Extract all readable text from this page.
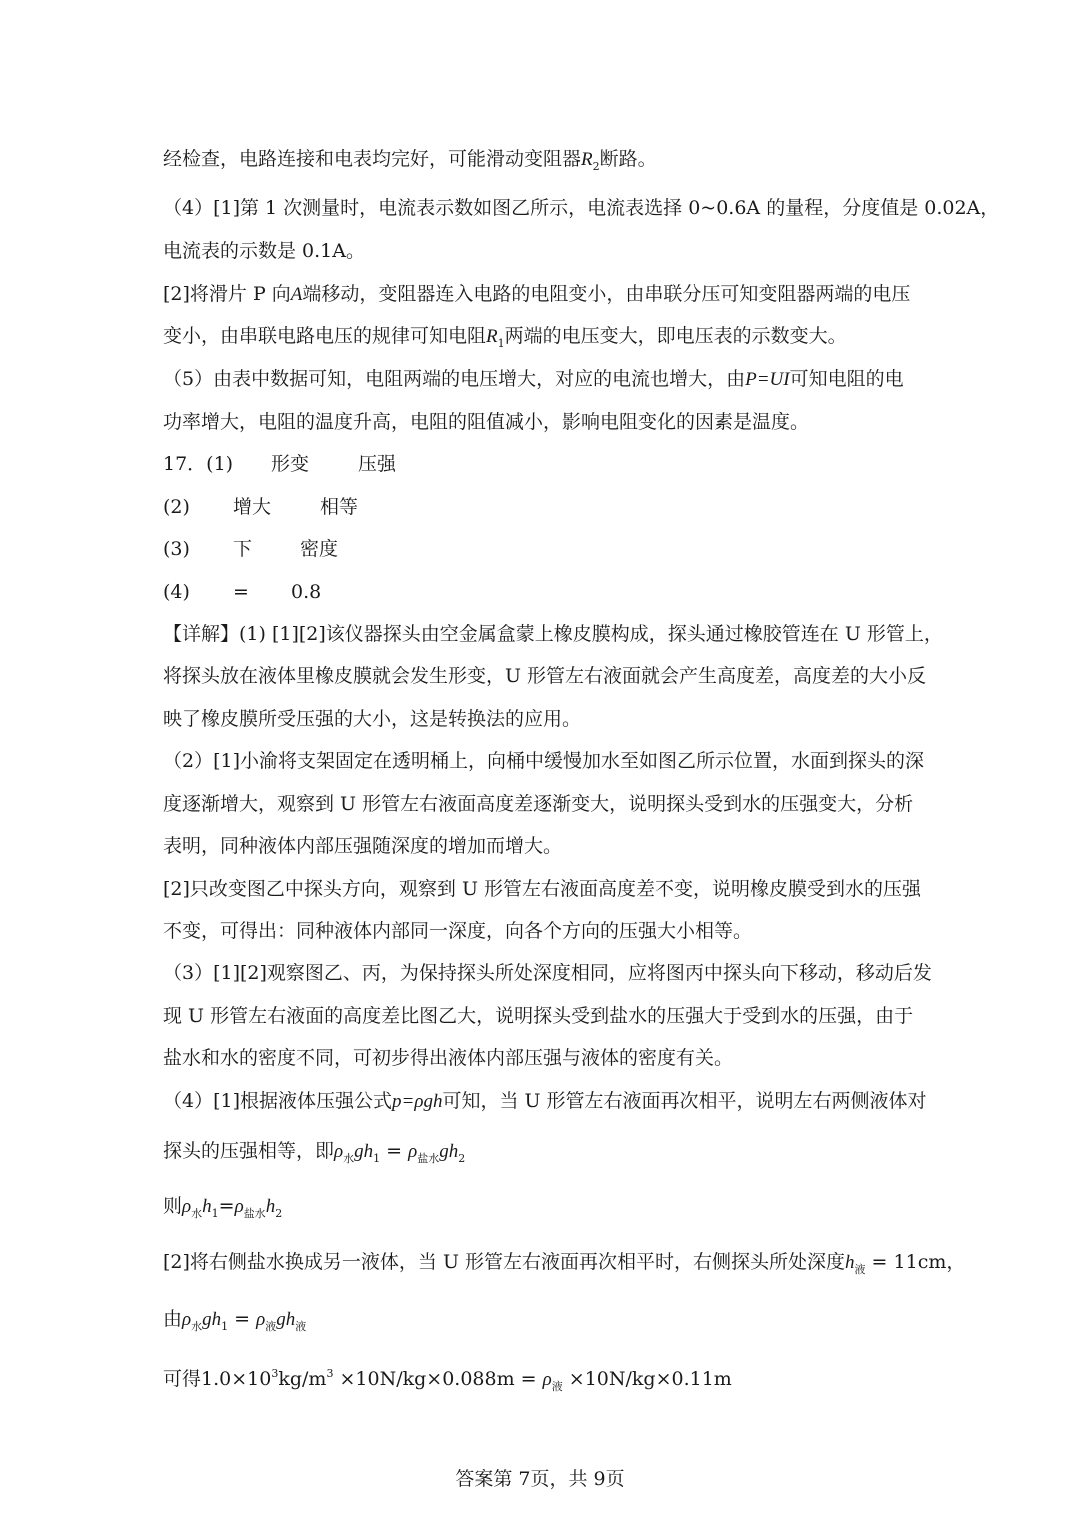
经检查，电路连接和电表均完好，可能滑动变阻器$R_2$断路。
（4）[1]第 1 次测量时，电流表示数如图乙所示，电流表选择 0~0.6A 的量程，分度值是 0.02A，
电流表的示数是 0.1A。
[2]将滑片 P 向A端移动，变阻器连入电路的电阻变小，由串联分压可知变阻器两端的电压
变小，由串联电路电压的规律可知电阻$R_1$两端的电压变大，即电压表的示数变大。
（5）由表中数据可知，电阻两端的电压增大，对应的电流也增大，由P=UI可知电阻的电
功率增大，电阻的温度升高，电阻的阻值减小，影响电阻变化的因素是温度。
17．(1) 形变	压强
(2) 增大	相等
(3) 下	密度
(4) = 0.8
【详解】(1) [1][2]该仪器探头由空金属盒蒙上橡皮膜构成，探头通过橡胶管连在 U 形管上，
将探头放在液体里橡皮膜就会发生形变，U 形管左右液面就会产生高度差，高度差的大小反
映了橡皮膜所受压强的大小，这是转换法的应用。
（2）[1]小渝将支架固定在透明桶上，向桶中缓慢加水至如图乙所示位置，水面到探头的深
度逐渐增大，观察到 U 形管左右液面高度差逐渐变大，说明探头受到水的压强变大，分析
表明，同种液体内部压强随深度的增加而增大。
[2]只改变图乙中探头方向，观察到 U 形管左右液面高度差不变，说明橡皮膜受到水的压强
不变，可得出：同种液体内部同一深度，向各个方向的压强大小相等。
（3）[1][2]观察图乙、丙，为保持探头所处深度相同，应将图丙中探头向下移动，移动后发
现 U 形管左右液面的高度差比图乙大，说明探头受到盐水的压强大于受到水的压强，由于
盐水和水的密度不同，可初步得出液体内部压强与液体的密度有关。
（4）[1]根据液体压强公式p=ρgh可知，当 U 形管左右液面再次相平，说明左右两侧液体对
探头的压强相等，即$\rho_水gh_1 = \rho_{盐水}gh_2$
则$\rho_水h_1=\rho_{盐水}h_2$
[2]将右侧盐水换成另一液体，当 U 形管左右液面再次相平时，右侧探头所处深度$h_液 = 11cm$，
由$\rho_水gh_1 = \rho_液gh_液$
可得$1.0\times 10^3kg/m^3 \times 10N/kg\times 0.088m = \rho_液 \times 10N/kg\times 0.11m$
答案第 7页，共 9页
